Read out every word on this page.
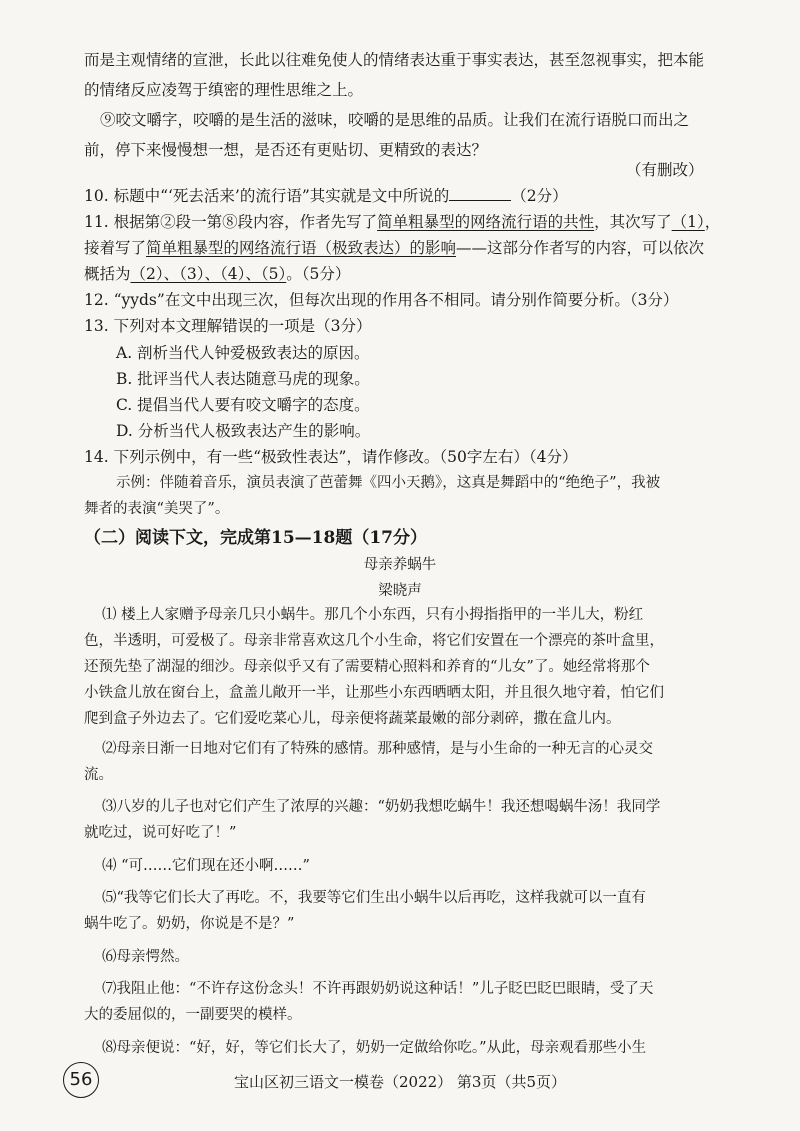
而是主观情绪的宣泄，长此以往难免使人的情绪表达重于事实表达，甚至忽视事实，把本能
的情绪反应凌驾于缜密的理性思维之上。
⑨咬文嚼字，咬嚼的是生活的滋味，咬嚼的是思维的品质。让我们在流行语脱口而出之
前，停下来慢慢想一想，是否还有更贴切、更精致的表达？
（有删改）
10. 标题中“‘死去活来’的流行语”其实就是文中所说的	（2分）
11. 根据第②段一第⑧段内容，作者先写了简单粗暴型的网络流行语的共性，其次写了（1），
接着写了简单粗暴型的网络流行语（极致表达）的影响——这部分作者写的内容，可以依次
概括为（2）、（3）、（4）、（5）。（5分）
12. “yyds”在文中出现三次，但每次出现的作用各不相同。请分别作简要分析。（3分）
13. 下列对本文理解错误的一项是（3分）
A. 剖析当代人钟爱极致表达的原因。
B. 批评当代人表达随意马虎的现象。
C. 提倡当代人要有咬文嚼字的态度。
D. 分析当代人极致表达产生的影响。
14. 下列示例中，有一些“极致性表达”，请作修改。（50字左右）（4分）
示例：伴随着音乐，演员表演了芭蕾舞《四小天鹅》，这真是舞蹈中的“绝绝子”，我被
舞者的表演“美哭了”。
（二）阅读下文，完成第15—18题（17分）
母亲养蜗牛
梁晓声
⑴ 楼上人家赠予母亲几只小蜗牛。那几个小东西，只有小拇指指甲的一半儿大，粉红
色，半透明，可爱极了。母亲非常喜欢这几个小生命，将它们安置在一个漂亮的茶叶盒里，
还预先垫了湖湿的细沙。母亲似乎又有了需要精心照料和养育的“儿女”了。她经常将那个
小铁盒儿放在窗台上，盒盖儿敞开一半，让那些小东西晒晒太阳，并且很久地守着，怕它们
爬到盒子外边去了。它们爱吃菜心儿，母亲便将蔬菜最嫩的部分剥碎，撒在盒儿内。
⑵母亲日渐一日地对它们有了特殊的感情。那种感情，是与小生命的一种无言的心灵交
流。
⑶八岁的儿子也对它们产生了浓厚的兴趣：“奶奶我想吃蜗牛！我还想喝蜗牛汤！我同学
就吃过，说可好吃了！”
⑷ “可……它们现在还小啊……”
⑸“我等它们长大了再吃。不，我要等它们生出小蜗牛以后再吃，这样我就可以一直有
蜗牛吃了。奶奶，你说是不是？”
⑹母亲愕然。
⑺我阻止他：“不许存这份念头！不许再跟奶奶说这种话！”儿子眨巴眨巴眼睛，受了天
大的委屈似的，一副要哭的模样。
⑻母亲便说：“好，好，等它们长大了，奶奶一定做给你吃。”从此，母亲观看那些小生
56	宝山区初三语文一模卷（2022） 第3页（共5页）
